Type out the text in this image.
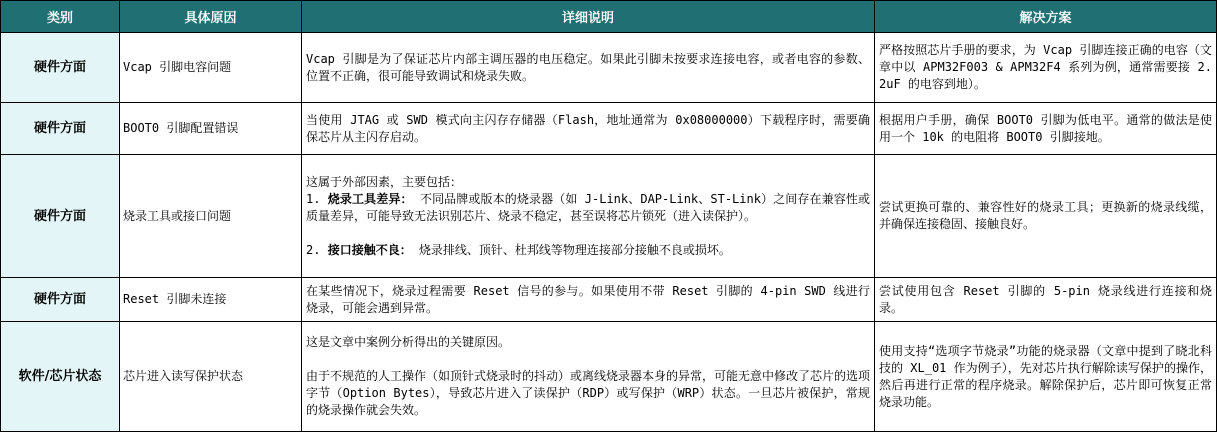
类别	具体原因	详细说明	解决方案
硬件方面	Vcap 引脚电容问题	Vcap 引脚是为了保证芯片内部主调压器的电压稳定。如果此引脚未按要求连接电容，或者电容的参数、位置不正确，很可能导致调试和烧录失败。	严格按照芯片手册的要求，为 Vcap 引脚连接正确的电容（文章中以 APM32F003 & APM32F4 系列为例，通常需要接 2.2uF 的电容到地）。
硬件方面	BOOT0 引脚配置错误	当使用 JTAG 或 SWD 模式向主闪存存储器（Flash，地址通常为 0x08000000）下载程序时，需要确保芯片从主闪存启动。	根据用户手册，确保 BOOT0 引脚为低电平。通常的做法是使用一个 10k 的电阻将 BOOT0 引脚接地。
硬件方面	烧录工具或接口问题	这属于外部因素，主要包括：

1. 烧录工具差异： 不同品牌或版本的烧录器（如 J-Link、DAP-Link、ST-Link）之间存在兼容性或质量差异，可能导致无法识别芯片、烧录不稳定，甚至误将芯片锁死（进入读保护）。

2. 接口接触不良： 烧录排线、顶针、杜邦线等物理连接部分接触不良或损坏。	尝试更换可靠的、兼容性好的烧录工具；更换新的烧录线缆，并确保连接稳固、接触良好。
硬件方面	Reset 引脚未连接	在某些情况下，烧录过程需要 Reset 信号的参与。如果使用不带 Reset 引脚的 4-pin SWD 线进行烧录，可能会遇到异常。	尝试使用包含 Reset 引脚的 5-pin 烧录线进行连接和烧录。
软件/芯片状态	芯片进入读写保护状态	这是文章中案例分析得出的关键原因。

由于不规范的人工操作（如顶针式烧录时的抖动）或离线烧录器本身的异常，可能无意中修改了芯片的选项字节（Option Bytes），导致芯片进入了读保护（RDP）或写保护（WRP）状态。一旦芯片被保护，常规的烧录操作就会失效。	使用支持“选项字节烧录”功能的烧录器（文章中提到了晓北科技的 XL_01 作为例子），先对芯片执行解除读写保护的操作，然后再进行正常的程序烧录。解除保护后，芯片即可恢复正常烧录功能。
